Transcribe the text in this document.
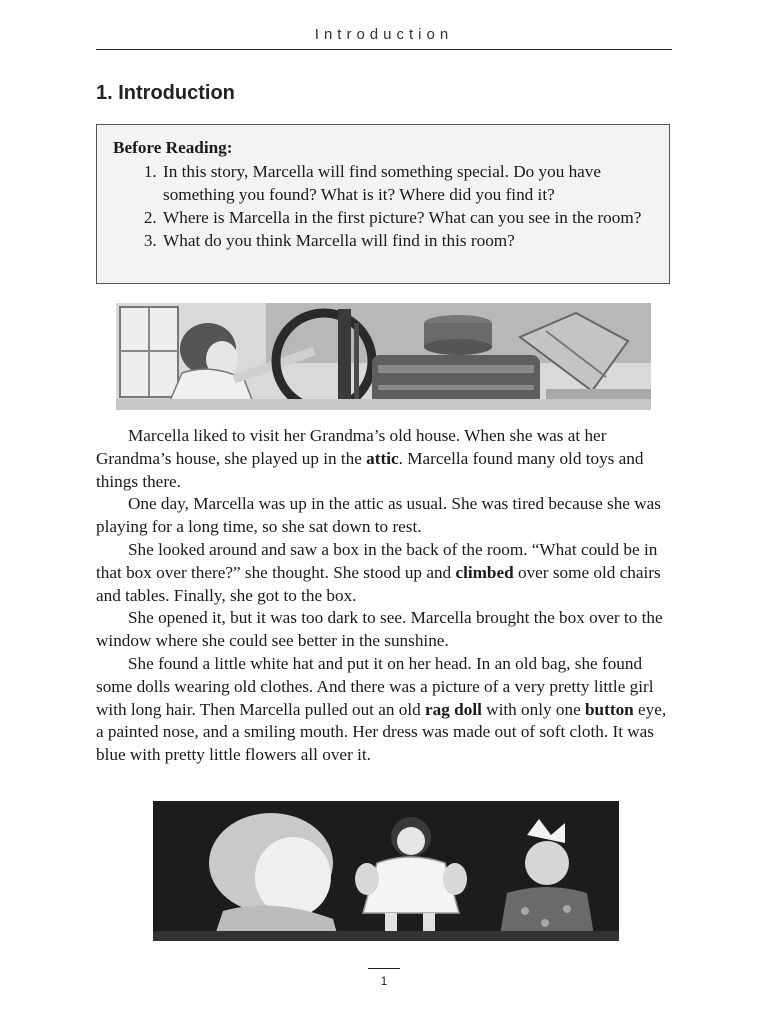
Introduction
1. Introduction
Before Reading:
1. In this story, Marcella will find something special. Do you have something you found? What is it? Where did you find it?
2. Where is Marcella in the first picture? What can you see in the room?
3. What do you think Marcella will find in this room?

Marcella liked to visit her Grandma’s old house. When she was at her Grandma’s house, she played up in the attic. Marcella found many old toys and things there.

One day, Marcella was up in the attic as usual. She was tired because she was playing for a long time, so she sat down to rest.

She looked around and saw a box in the back of the room. “What could be in that box over there?” she thought. She stood up and climbed over some old chairs and tables. Finally, she got to the box.

She opened it, but it was too dark to see. Marcella brought the box over to the window where she could see better in the sunshine.

She found a little white hat and put it on her head. In an old bag, she found some dolls wearing old clothes. And there was a picture of a very pretty little girl with long hair. Then Marcella pulled out an old rag doll with only one button eye, a painted nose, and a smiling mouth. Her dress was made out of soft cloth. It was blue with pretty little flowers all over it.

1
